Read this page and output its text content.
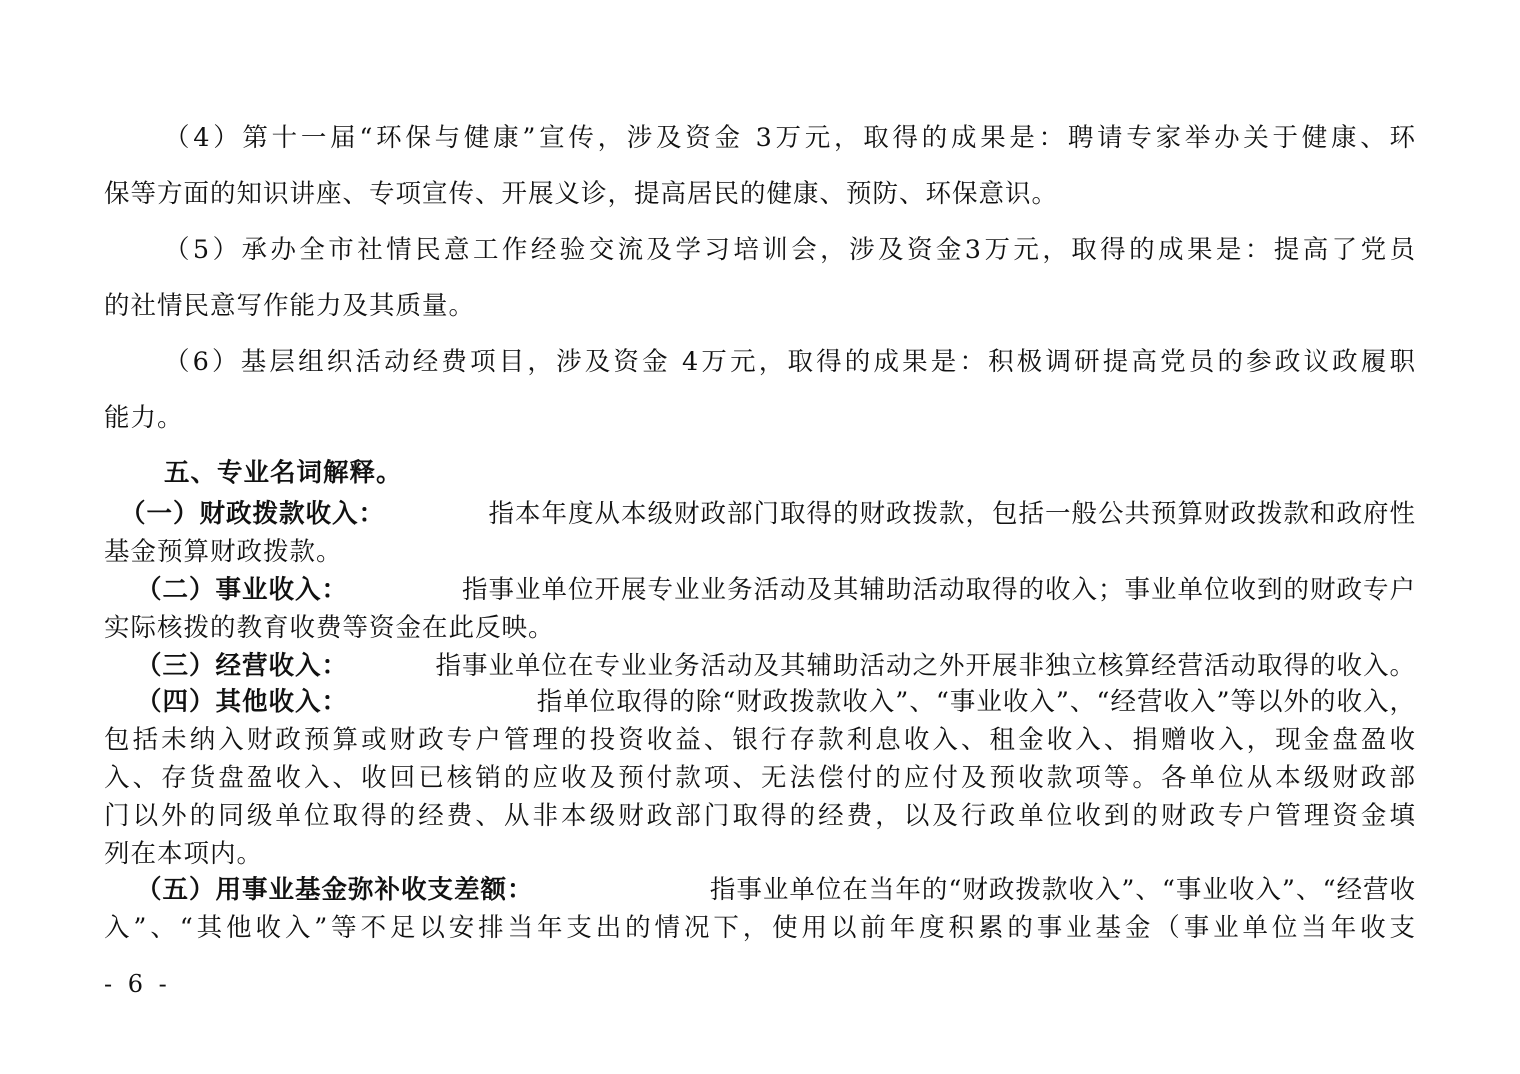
（4）第十一届“环保与健康”宣传，涉及资金 3万元，取得的成果是：聘请专家举办关于健康、环
保等方面的知识讲座、专项宣传、开展义诊，提高居民的健康、预防、环保意识。
（5）承办全市社情民意工作经验交流及学习培训会，涉及资金3万元，取得的成果是：提高了党员
的社情民意写作能力及其质量。
（6）基层组织活动经费项目，涉及资金 4万元，取得的成果是：积极调研提高党员的参政议政履职
能力。
五、专业名词解释。
（一）财政拨款收入：	指本年度从本级财政部门取得的财政拨款，包括一般公共预算财政拨款和政府性
基金预算财政拨款。
（二）事业收入：	指事业单位开展专业业务活动及其辅助活动取得的收入；事业单位收到的财政专户
实际核拨的教育收费等资金在此反映。
（三）经营收入：	指事业单位在专业业务活动及其辅助活动之外开展非独立核算经营活动取得的收入。
（四）其他收入：	指单位取得的除“财政拨款收入”、“事业收入”、“经营收入”等以外的收入，
包括未纳入财政预算或财政专户管理的投资收益、银行存款利息收入、租金收入、捐赠收入，现金盘盈收
入、存货盘盈收入、收回已核销的应收及预付款项、无法偿付的应付及预收款项等。各单位从本级财政部
门以外的同级单位取得的经费、从非本级财政部门取得的经费，以及行政单位收到的财政专户管理资金填
列在本项内。
（五）用事业基金弥补收支差额：	指事业单位在当年的“财政拨款收入”、“事业收入”、“经营收
入”、“其他收入”等不足以安排当年支出的情况下，使用以前年度积累的事业基金（事业单位当年收支
- 6 -
